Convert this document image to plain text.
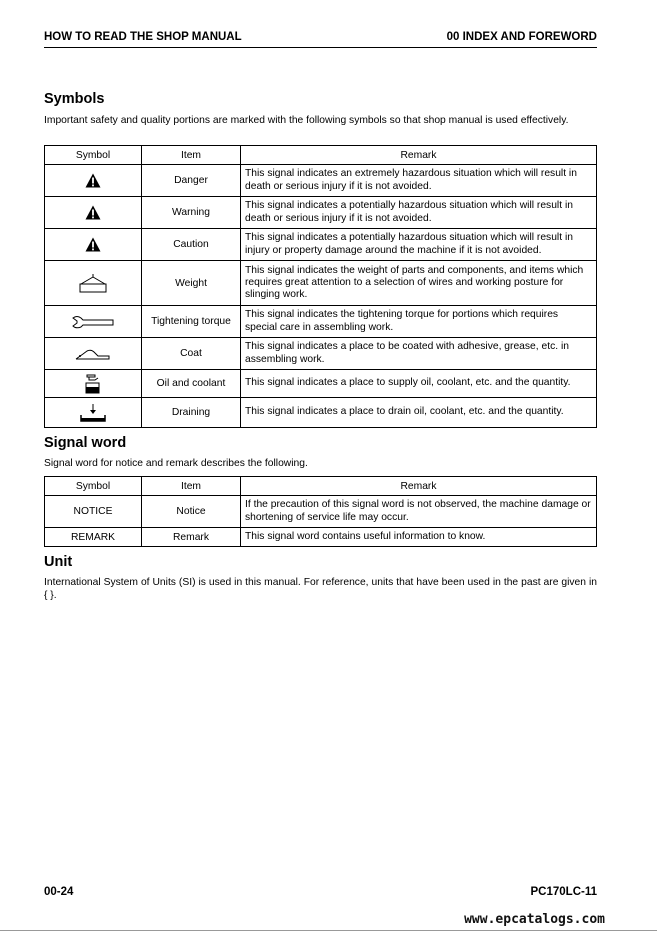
HOW TO READ THE SHOP MANUAL	00 INDEX AND FOREWORD
Symbols
Important safety and quality portions are marked with the following symbols so that shop manual is used effectively.
Symbol	Item	Remark

	Danger	This signal indicates an extremely hazardous situation which will result in death or serious injury if it is not avoided.

	Warning	This signal indicates a potentially hazardous situation which will result in death or serious injury if it is not avoided.

	Caution	This signal indicates a potentially hazardous situation which will result in injury or property damage around the machine if it is not avoided.

	Weight	This signal indicates the weight of parts and components, and items which requires great attention to a selection of wires and working posture for slinging work.

	Tightening torque	This signal indicates the tightening torque for portions which requires special care in assembling work.

	Coat	This signal indicates a place to be coated with adhesive, grease, etc. in assembling work.

	Oil and coolant	This signal indicates a place to supply oil, coolant, etc. and the quantity.

	Draining	This signal indicates a place to drain oil, coolant, etc. and the quantity.
Signal word
Signal word for notice and remark describes the following.
Symbol	Item	Remark
NOTICE	Notice	If the precaution of this signal word is not observed, the machine damage or shortening of service life may occur.
REMARK	Remark	This signal word contains useful information to know.
Unit
International System of Units (SI) is used in this manual. For reference, units that have been used in the past are given in { }.
00-24	PC170LC-11
www.epcatalogs.com
